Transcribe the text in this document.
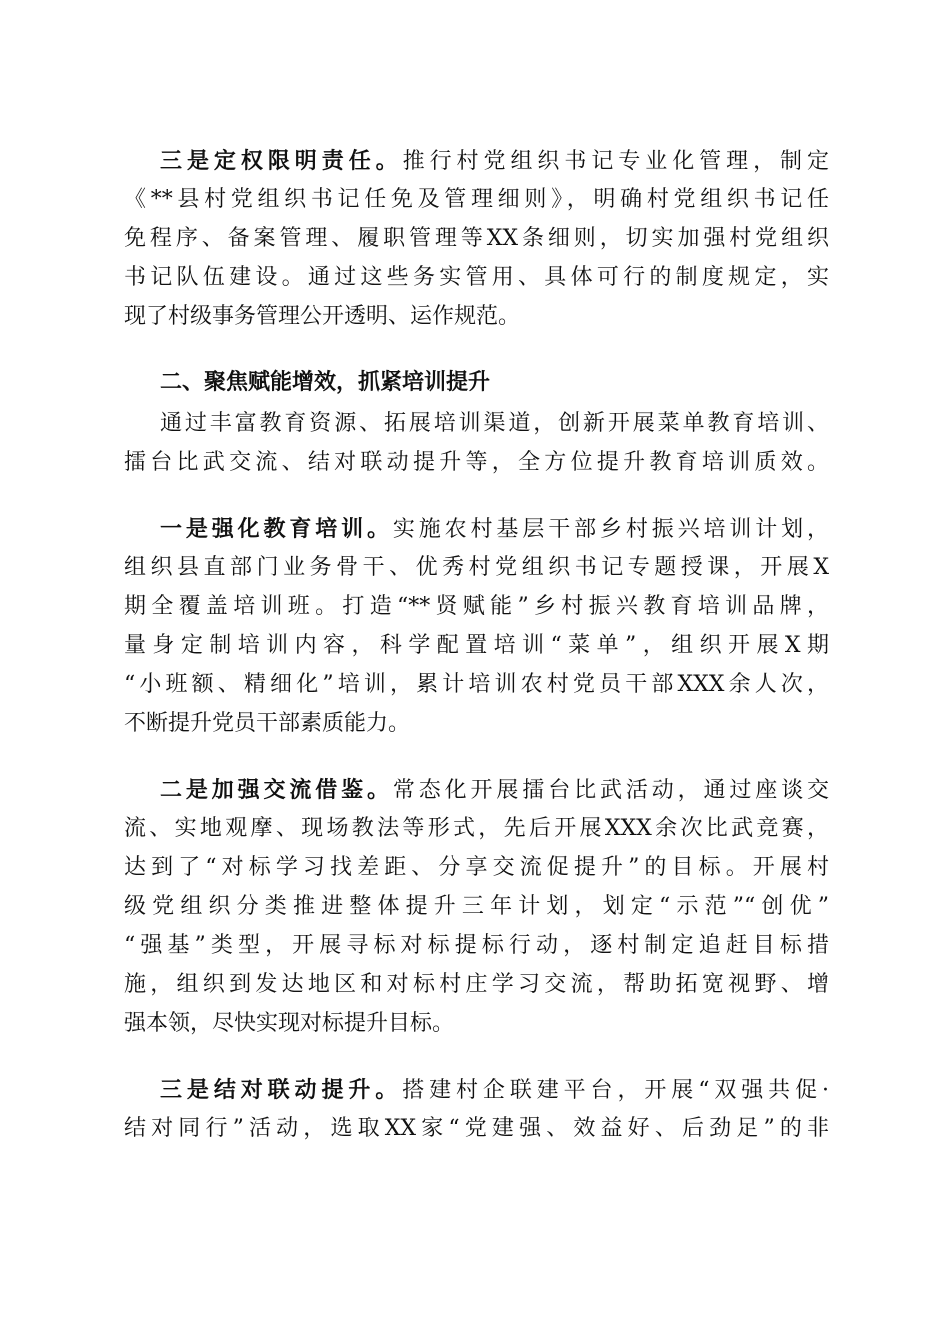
三是定权限明责任。推行村党组织书记专业化管理，制定
《**县村党组织书记任免及管理细则》，明确村党组织书记任
免程序、备案管理、履职管理等XX条细则，切实加强村党组织
书记队伍建设。通过这些务实管用、具体可行的制度规定，实
现了村级事务管理公开透明、运作规范。
二、聚焦赋能增效，抓紧培训提升
通过丰富教育资源、拓展培训渠道，创新开展菜单教育培训、
擂台比武交流、结对联动提升等，全方位提升教育培训质效。
一是强化教育培训。实施农村基层干部乡村振兴培训计划，
组织县直部门业务骨干、优秀村党组织书记专题授课，开展X
期全覆盖培训班。打造“**贤赋能”乡村振兴教育培训品牌，
量身定制培训内容，科学配置培训“菜单”，组织开展X期
“小班额、精细化”培训，累计培训农村党员干部XXX余人次，
不断提升党员干部素质能力。
二是加强交流借鉴。常态化开展擂台比武活动，通过座谈交
流、实地观摩、现场教法等形式，先后开展XXX余次比武竞赛，
达到了“对标学习找差距、分享交流促提升”的目标。开展村
级党组织分类推进整体提升三年计划，划定“示范”“创优”
“强基”类型，开展寻标对标提标行动，逐村制定追赶目标措
施，组织到发达地区和对标村庄学习交流，帮助拓宽视野、增
强本领，尽快实现对标提升目标。
三是结对联动提升。搭建村企联建平台，开展“双强共促·
结对同行”活动，选取XX家“党建强、效益好、后劲足”的非
